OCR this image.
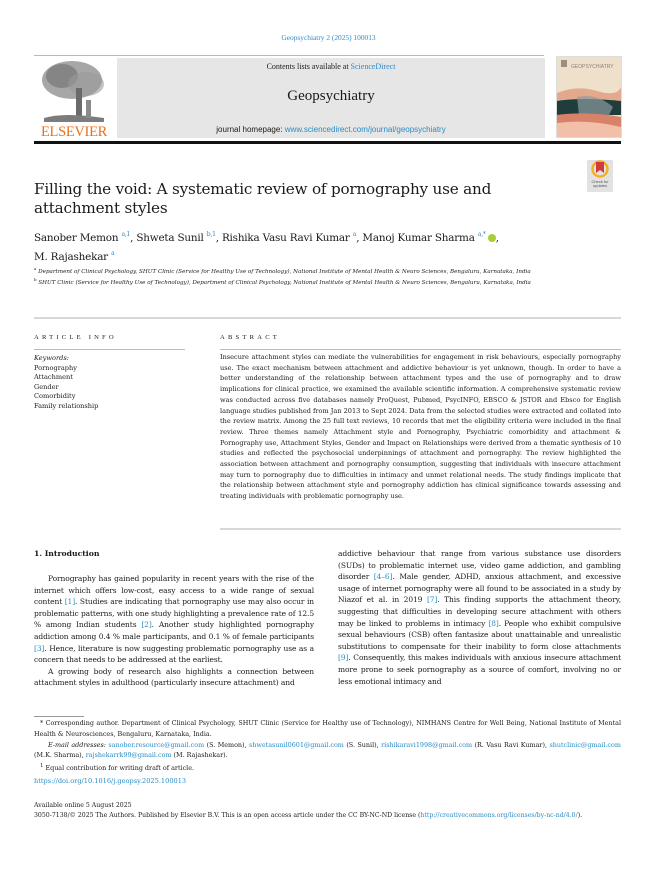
Geopsychiatry 2 (2025) 100013
ELSEVIER
Contents lists available at ScienceDirect
Geopsychiatry
journal homepage: www.sciencedirect.com/journal/geopsychiatry
GEOPSYCHIATRY
Check for updates
Filling the void: A systematic review of pornography use and attachment styles
Sanober Memon $^{a,1}$, Shweta Sunil $^{b,1}$, Rishika Vasu Ravi Kumar $^a$, Manoj Kumar Sharma $^{a,*}$ ,
M. Rajashekar $^a$
$^a$ Department of Clinical Psychology, SHUT Clinic (Service for Healthy Use of Technology), National Institute of Mental Health & Neuro Sciences, Bengaluru, Karnataka, India
$^b$ SHUT Clinic (Service for Healthy Use of Technology), Department of Clinical Psychology, National Institute of Mental Health & Neuro Sciences, Bengaluru, Karnataka, India
ARTICLE INFO
Keywords:
Pornography
Attachment
Gender
Comorbidity
Family relationship
ABSTRACT
Insecure attachment styles can mediate the vulnerabilities for engagement in risk behaviours, especially pornography use. The exact mechanism between attachment and addictive behaviour is yet unknown, though. In order to have a better understanding of the relationship between attachment types and the use of pornography and to draw implications for clinical practice, we examined the available scientific information. A comprehensive systematic review was conducted across five databases namely ProQuest, Pubmed, PsycINFO, EBSCO & JSTOR and Ebsco for English language studies published from Jan 2013 to Sept 2024. Data from the selected studies were extracted and collated into the review matrix. Among the 25 full text reviews, 10 records that met the eligibility criteria were included in the final review. Three themes namely Attachment style and Pornography, Psychiatric comorbidity and attachment & Pornography use, Attachment Styles, Gender and Impact on Relationships were derived from a thematic synthesis of 10 studies and reflected the psychosocial underpinnings of attachment and pornography. The review highlighted the association between attachment and pornography consumption, suggesting that individuals with insecure attachment may turn to pornography due to difficulties in intimacy and unmet relational needs. The study findings implicate that the relationship between attachment style and pornography addiction has clinical significance towards assessing and treating individuals with problematic pornography use.
1. Introduction

Pornography has gained popularity in recent years with the rise of the internet which offers low-cost, easy access to a wide range of sexual content [1]. Studies are indicating that pornography use may also occur in problematic patterns, with one study highlighting a prevalence rate of 12.5 % among Indian students [2]. Another study highlighted pornography addiction among 0.4 % male participants, and 0.1 % of female participants [3]. Hence, literature is now suggesting problematic pornography use as a concern that needs to be addressed at the earliest.

A growing body of research also highlights a connection between attachment styles in adulthood (particularly insecure attachment) and

addictive behaviour that range from various substance use disorders (SUDs) to problematic internet use, video game addiction, and gambling disorder [4–6]. Male gender, ADHD, anxious attachment, and excessive usage of internet pornography were all found to be associated in a study by Niazof et al. in 2019 [7]. This finding supports the attachment theory, suggesting that difficulties in developing secure attachment with others may be linked to problems in intimacy [8]. People who exhibit compulsive sexual behaviours (CSB) often fantasize about unattainable and unrealistic substitutions to compensate for their inability to form close attachments [9]. Consequently, this makes individuals with anxious insecure attachment more prone to seek pornography as a source of comfort, involving no or less emotional intimacy and

* Corresponding author. Department of Clinical Psychology, SHUT Clinic (Service for Healthy use of Technology), NIMHANS Centre for Well Being, National Institute of Mental Health & Neurosciences, Bengaluru, Karnataka, India.
E-mail addresses: sanober.resource@gmail.com (S. Memon), shwetasunil0601@gmail.com (S. Sunil), rishikaravi1998@gmail.com (R. Vasu Ravi Kumar), shutclinic@gmail.com (M.K. Sharma), rajshekarrk99@gmail.com (M. Rajashekar).
$^1$ Equal contribution for writing draft of article.
https://doi.org/10.1016/j.geopsy.2025.100013
Available online 5 August 2025
3050-7138/© 2025 The Authors. Published by Elsevier B.V. This is an open access article under the CC BY-NC-ND license (http://creativecommons.org/licenses/by-nc-nd/4.0/).
